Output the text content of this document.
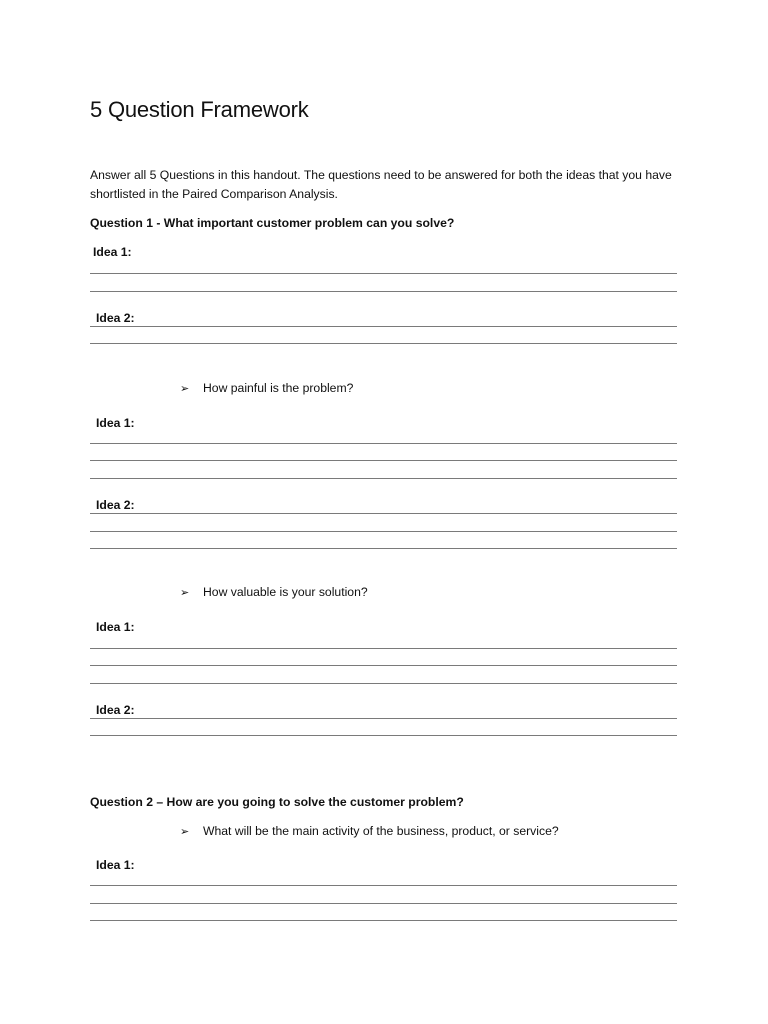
5 Question Framework
Answer all 5 Questions in this handout. The questions need to be answered for both the ideas that you have shortlisted in the Paired Comparison Analysis.
Question 1 - What important customer problem can you solve?
Idea 1:
Idea 2:
➢ How painful is the problem?
Idea 1:
Idea 2:
➢ How valuable is your solution?
Idea 1:
Idea 2:
Question 2 – How are you going to solve the customer problem?
➢ What will be the main activity of the business, product, or service?
Idea 1:
